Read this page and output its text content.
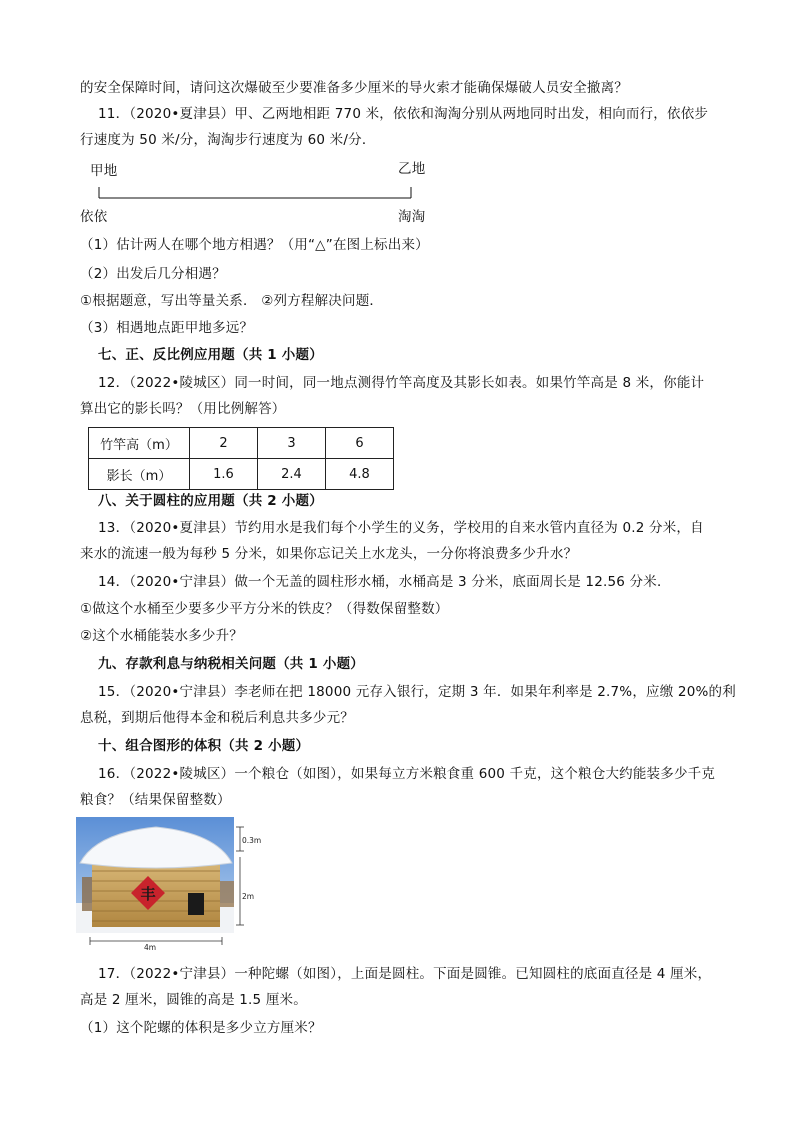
的安全保障时间，请问这次爆破至少要准备多少厘米的导火索才能确保爆破人员安全撤离？
11．（2020•夏津县）甲、乙两地相距 770 米，依依和淘淘分别从两地同时出发，相向而行，依依步
行速度为 50 米/分，淘淘步行速度为 60 米/分．
甲地	乙地
依依	淘淘
（1）估计两人在哪个地方相遇？（用“△”在图上标出来）
（2）出发后几分相遇？
①根据题意，写出等量关系． ②列方程解决问题．
（3）相遇地点距甲地多远？
七、正、反比例应用题（共 1 小题）
12．（2022•陵城区）同一时间，同一地点测得竹竿高度及其影长如表。如果竹竿高是 8 米，你能计
算出它的影长吗？（用比例解答）
竹竿高（m）	2	3	6
影长（m）	1.6	2.4	4.8
八、关于圆柱的应用题（共 2 小题）
13．（2020•夏津县）节约用水是我们每个小学生的义务，学校用的自来水管内直径为 0.2 分米，自
来水的流速一般为每秒 5 分米，如果你忘记关上水龙头，一分你将浪费多少升水？
14．（2020•宁津县）做一个无盖的圆柱形水桶，水桶高是 3 分米，底面周长是 12.56 分米．
①做这个水桶至少要多少平方分米的铁皮？（得数保留整数）
②这个水桶能装水多少升？
九、存款利息与纳税相关问题（共 1 小题）
15．（2020•宁津县）李老师在把 18000 元存入银行，定期 3 年．如果年利率是 2.7%，应缴 20%的利
息税，到期后他得本金和税后利息共多少元？
十、组合图形的体积（共 2 小题）
16．（2022•陵城区）一个粮仓（如图），如果每立方米粮食重 600 千克，这个粮仓大约能装多少千克
粮食？（结果保留整数）
丰
0.3m
2m
4m
17．（2022•宁津县）一种陀螺（如图），上面是圆柱。下面是圆锥。已知圆柱的底面直径是 4 厘米，
高是 2 厘米，圆锥的高是 1.5 厘米。
（1）这个陀螺的体积是多少立方厘米？
